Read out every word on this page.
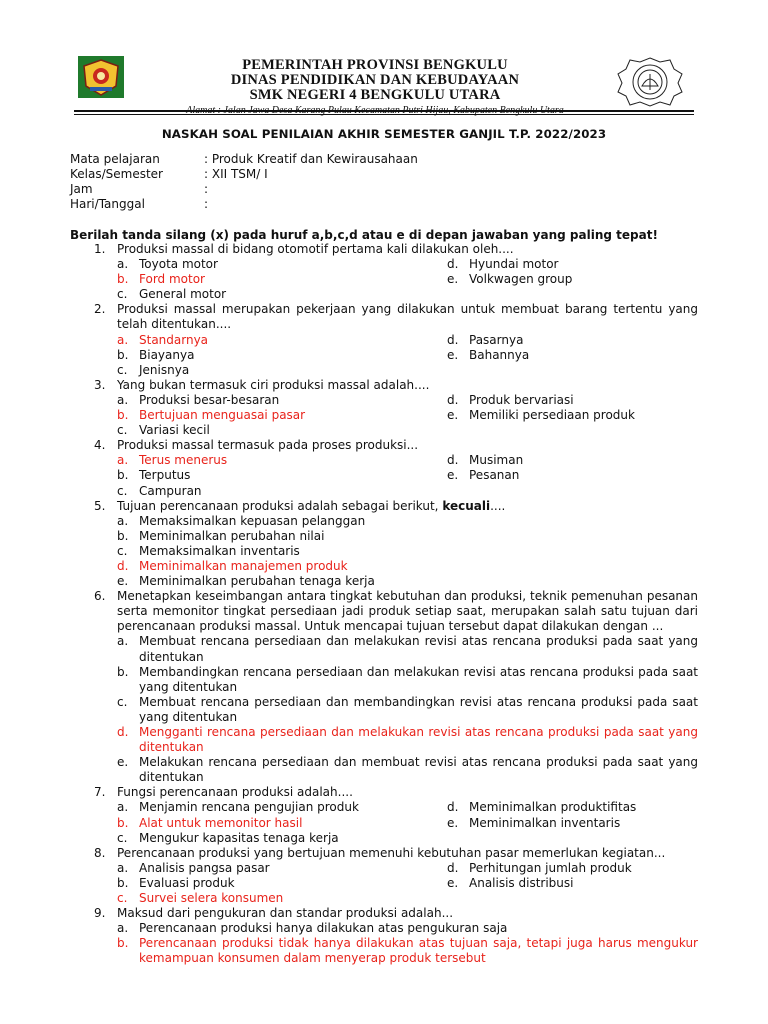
PEMERINTAH PROVINSI BENGKULU
DINAS PENDIDIKAN DAN KEBUDAYAAN
SMK NEGERI 4 BENGKULU UTARA
Alamat : Jalan Jawa Desa Karang Pulau Kecamatan Putri Hijau, Kabupaten Bengkulu Utara
NASKAH SOAL PENILAIAN AKHIR SEMESTER GANJIL T.P. 2022/2023
Mata pelajaran	: Produk Kreatif dan Kewirausahaan
Kelas/Semester	: XII TSM/ I
Jam	:
Hari/Tanggal	:
Berilah tanda silang (x) pada huruf a,b,c,d atau e di depan jawaban yang paling tepat!
1. Produksi massal di bidang otomotif pertama kali dilakukan oleh....
a. Toyota motor	d. Hyundai motor
b. Ford motor	e. Volkwagen group
c. General motor
2. Produksi massal merupakan pekerjaan yang dilakukan untuk membuat barang tertentu yang telah ditentukan....
a. Standarnya	d. Pasarnya
b. Biayanya	e. Bahannya
c. Jenisnya
3. Yang bukan termasuk ciri produksi massal adalah....
a. Produksi besar-besaran	d. Produk bervariasi
b. Bertujuan menguasai pasar	e. Memiliki persediaan produk
c. Variasi kecil
4. Produksi massal termasuk pada proses produksi...
a. Terus menerus	d. Musiman
b. Terputus	e. Pesanan
c. Campuran
5. Tujuan perencanaan produksi adalah sebagai berikut, kecuali....
a. Memaksimalkan kepuasan pelanggan
b. Meminimalkan perubahan nilai
c. Memaksimalkan inventaris
d. Meminimalkan manajemen produk
e. Meminimalkan perubahan tenaga kerja
6. Menetapkan keseimbangan antara tingkat kebutuhan dan produksi, teknik pemenuhan pesanan serta memonitor tingkat persediaan jadi produk setiap saat, merupakan salah satu tujuan dari perencanaan produksi massal. Untuk mencapai tujuan tersebut dapat dilakukan dengan ...
a. Membuat rencana persediaan dan melakukan revisi atas rencana produksi pada saat yang ditentukan
b. Membandingkan rencana persediaan dan melakukan revisi atas rencana produksi pada saat yang ditentukan
c. Membuat rencana persediaan dan membandingkan revisi atas rencana produksi pada saat yang ditentukan
d. Mengganti rencana persediaan dan melakukan revisi atas rencana produksi pada saat yang ditentukan
e. Melakukan rencana persediaan dan membuat revisi atas rencana produksi pada saat yang ditentukan
7. Fungsi perencanaan produksi adalah....
a. Menjamin rencana pengujian produk	d. Meminimalkan produktifitas
b. Alat untuk memonitor hasil	e. Meminimalkan inventaris
c. Mengukur kapasitas tenaga kerja
8. Perencanaan produksi yang bertujuan memenuhi kebutuhan pasar memerlukan kegiatan...
a. Analisis pangsa pasar	d. Perhitungan jumlah produk
b. Evaluasi produk	e. Analisis distribusi
c. Survei selera konsumen
9. Maksud dari pengukuran dan standar produksi adalah...
a. Perencanaan produksi hanya dilakukan atas pengukuran saja
b. Perencanaan produksi tidak hanya dilakukan atas tujuan saja, tetapi juga harus mengukur kemampuan konsumen dalam menyerap produk tersebut
